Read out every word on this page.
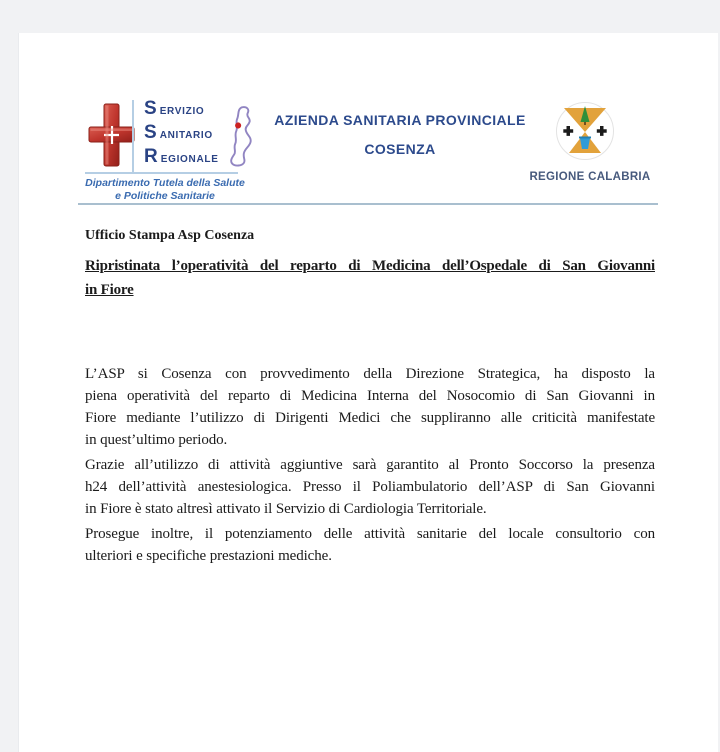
S ERVIZIO
S ANITARIO
R EGIONALE
Dipartimento Tutela della Salute
e Politiche Sanitarie
AZIENDA SANITARIA PROVINCIALE
COSENZA
REGIONE CALABRIA
Ufficio Stampa Asp Cosenza
Ripristinata l’operatività del reparto di Medicina dell’Ospedale di San Giovanni
in Fiore
L’ASP si Cosenza con provvedimento della Direzione Strategica, ha disposto la
piena operatività del reparto di Medicina Interna del Nosocomio di San Giovanni in
Fiore mediante l’utilizzo di Dirigenti Medici che suppliranno alle criticità manifestate
in quest’ultimo periodo.
Grazie all’utilizzo di attività aggiuntive sarà garantito al Pronto Soccorso la presenza
h24 dell’attività anestesiologica. Presso il Poliambulatorio dell’ASP di San Giovanni
in Fiore è stato altresì attivato il Servizio di Cardiologia Territoriale.
Prosegue inoltre, il potenziamento delle attività sanitarie del locale consultorio con
ulteriori e specifiche prestazioni mediche.
